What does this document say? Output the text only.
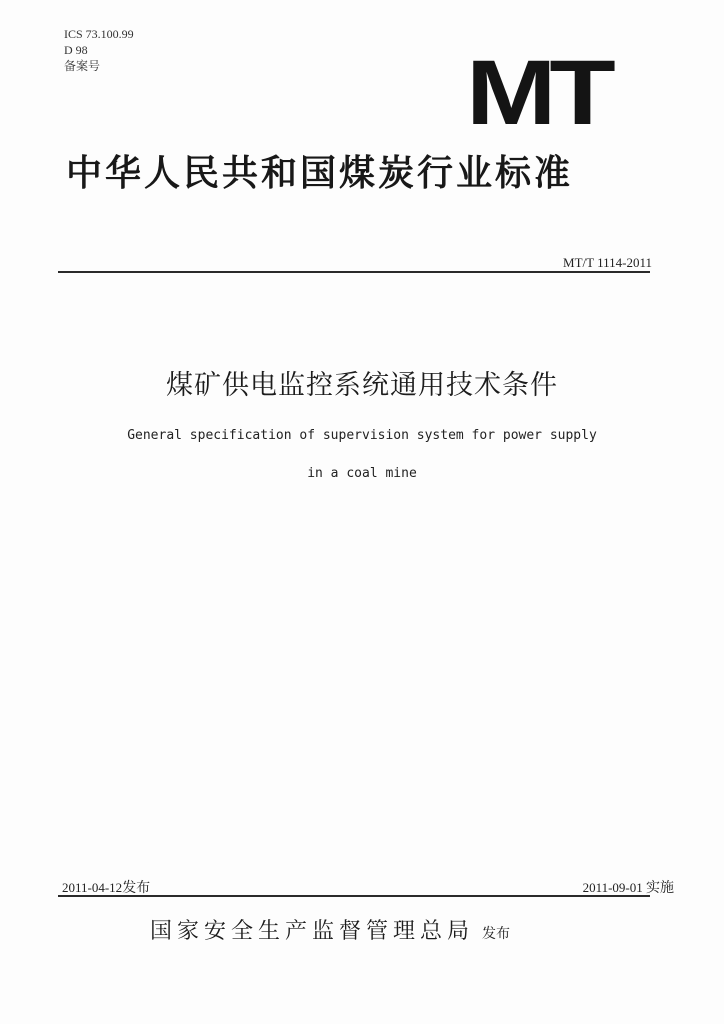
ICS 73.100.99
D 98
备案号	MT
中华人民共和国煤炭行业标准
MT/T 1114-2011
煤矿供电监控系统通用技术条件
General specification of supervision system for power supply
in a coal mine
2011-04-12发布	2011-09-01 实施
国家安全生产监督管理总局 发布
